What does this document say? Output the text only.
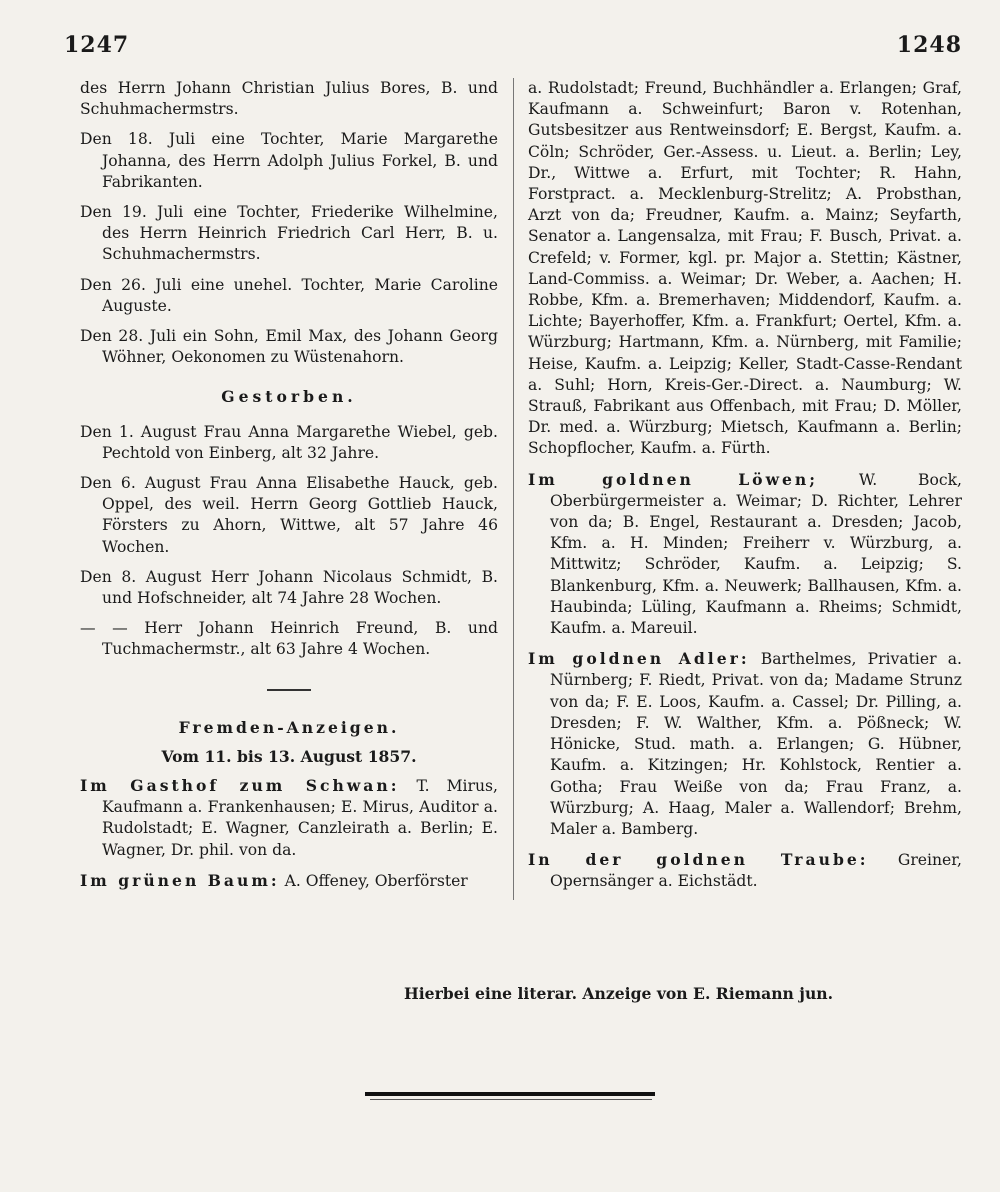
1247	1248

des Herrn Johann Christian Julius Bores, B. und Schuhmachermstrs.

Den 18. Juli eine Tochter, Marie Margarethe Johanna, des Herrn Adolph Julius Forkel, B. und Fabrikanten.

Den 19. Juli eine Tochter, Friederike Wilhelmine, des Herrn Heinrich Friedrich Carl Herr, B. u. Schuhmachermstrs.

Den 26. Juli eine unehel. Tochter, Marie Caroline Auguste.

Den 28. Juli ein Sohn, Emil Max, des Johann Georg Wöhner, Oekonomen zu Wüstenahorn.

Gestorben.

Den 1. August Frau Anna Margarethe Wiebel, geb. Pechtold von Einberg, alt 32 Jahre.

Den 6. August Frau Anna Elisabethe Hauck, geb. Oppel, des weil. Herrn Georg Gottlieb Hauck, Försters zu Ahorn, Wittwe, alt 57 Jahre 46 Wochen.

Den 8. August Herr Johann Nicolaus Schmidt, B. und Hofschneider, alt 74 Jahre 28 Wochen.

— — Herr Johann Heinrich Freund, B. und Tuchmachermstr., alt 63 Jahre 4 Wochen.

Fremden-Anzeigen.

Vom 11. bis 13. August 1857.

Im Gasthof zum Schwan: T. Mirus, Kaufmann a. Frankenhausen; E. Mirus, Auditor a. Rudolstadt; E. Wagner, Canzleirath a. Berlin; E. Wagner, Dr. phil. von da.

Im grünen Baum: A. Offeney, Oberförster

a. Rudolstadt; Freund, Buchhändler a. Erlangen; Graf, Kaufmann a. Schweinfurt; Baron v. Rotenhan, Gutsbesitzer aus Rentweinsdorf; E. Bergst, Kaufm. a. Cöln; Schröder, Ger.-Assess. u. Lieut. a. Berlin; Ley, Dr., Wittwe a. Erfurt, mit Tochter; R. Hahn, Forstpract. a. Mecklenburg-Strelitz; A. Probsthan, Arzt von da; Freudner, Kaufm. a. Mainz; Seyfarth, Senator a. Langensalza, mit Frau; F. Busch, Privat. a. Crefeld; v. Former, kgl. pr. Major a. Stettin; Kästner, Land-Commiss. a. Weimar; Dr. Weber, a. Aachen; H. Robbe, Kfm. a. Bremerhaven; Middendorf, Kaufm. a. Lichte; Bayerhoffer, Kfm. a. Frankfurt; Oertel, Kfm. a. Würzburg; Hartmann, Kfm. a. Nürnberg, mit Familie; Heise, Kaufm. a. Leipzig; Keller, Stadt-Casse-Rendant a. Suhl; Horn, Kreis-Ger.-Direct. a. Naumburg; W. Strauß, Fabrikant aus Offenbach, mit Frau; D. Möller, Dr. med. a. Würzburg; Mietsch, Kaufmann a. Berlin; Schopflocher, Kaufm. a. Fürth.

Im goldnen Löwen;	W. Bock, Oberbürgermeister a. Weimar; D. Richter, Lehrer von da; B. Engel, Restaurant a. Dresden; Jacob, Kfm. a. H. Minden; Freiherr v. Würzburg, a. Mittwitz; Schröder, Kaufm. a. Leipzig; S. Blankenburg, Kfm. a. Neuwerk; Ballhausen, Kfm. a. Haubinda; Lüling, Kaufmann a. Rheims; Schmidt, Kaufm. a. Mareuil.

Im goldnen Adler: Barthelmes, Privatier a. Nürnberg; F. Riedt, Privat. von da; Madame Strunz von da; F. E. Loos, Kaufm. a. Cassel; Dr. Pilling, a. Dresden; F. W. Walther, Kfm. a. Pößneck; W. Hönicke, Stud. math. a. Erlangen; G. Hübner, Kaufm. a. Kitzingen; Hr. Kohlstock, Rentier a. Gotha; Frau Weiße von da; Frau Franz, a. Würzburg; A. Haag, Maler a. Wallendorf; Brehm, Maler a. Bamberg.

In der goldnen Traube: Greiner, Opernsänger a. Eichstädt.

Hierbei eine literar. Anzeige von E. Riemann jun.
